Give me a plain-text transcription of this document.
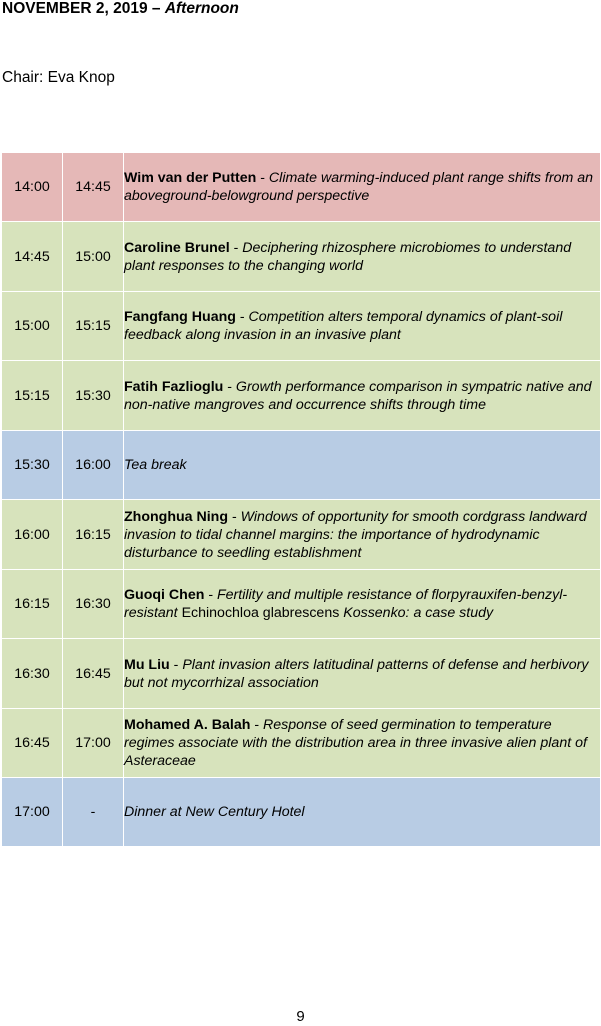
NOVEMBER 2, 2019 – Afternoon
Chair: Eva Knop
14:00	14:45	Wim van der Putten - Climate warming-induced plant range shifts from an aboveground-belowground perspective
14:45	15:00	Caroline Brunel - Deciphering rhizosphere microbiomes to understand plant responses to the changing world
15:00	15:15	Fangfang Huang - Competition alters temporal dynamics of plant-soil feedback along invasion in an invasive plant
15:15	15:30	Fatih Fazlioglu - Growth performance comparison in sympatric native and non-native mangroves and occurrence shifts through time
15:30	16:00	Tea break
16:00	16:15	Zhonghua Ning - Windows of opportunity for smooth cordgrass landward invasion to tidal channel margins: the importance of hydrodynamic disturbance to seedling establishment
16:15	16:30	Guoqi Chen - Fertility and multiple resistance of florpyrauxifen-benzyl-resistant Echinochloa glabrescens Kossenko: a case study
16:30	16:45	Mu Liu - Plant invasion alters latitudinal patterns of defense and herbivory but not mycorrhizal association
16:45	17:00	Mohamed A. Balah - Response of seed germination to temperature regimes associate with the distribution area in three invasive alien plant of Asteraceae
17:00	-	Dinner at New Century Hotel
9
